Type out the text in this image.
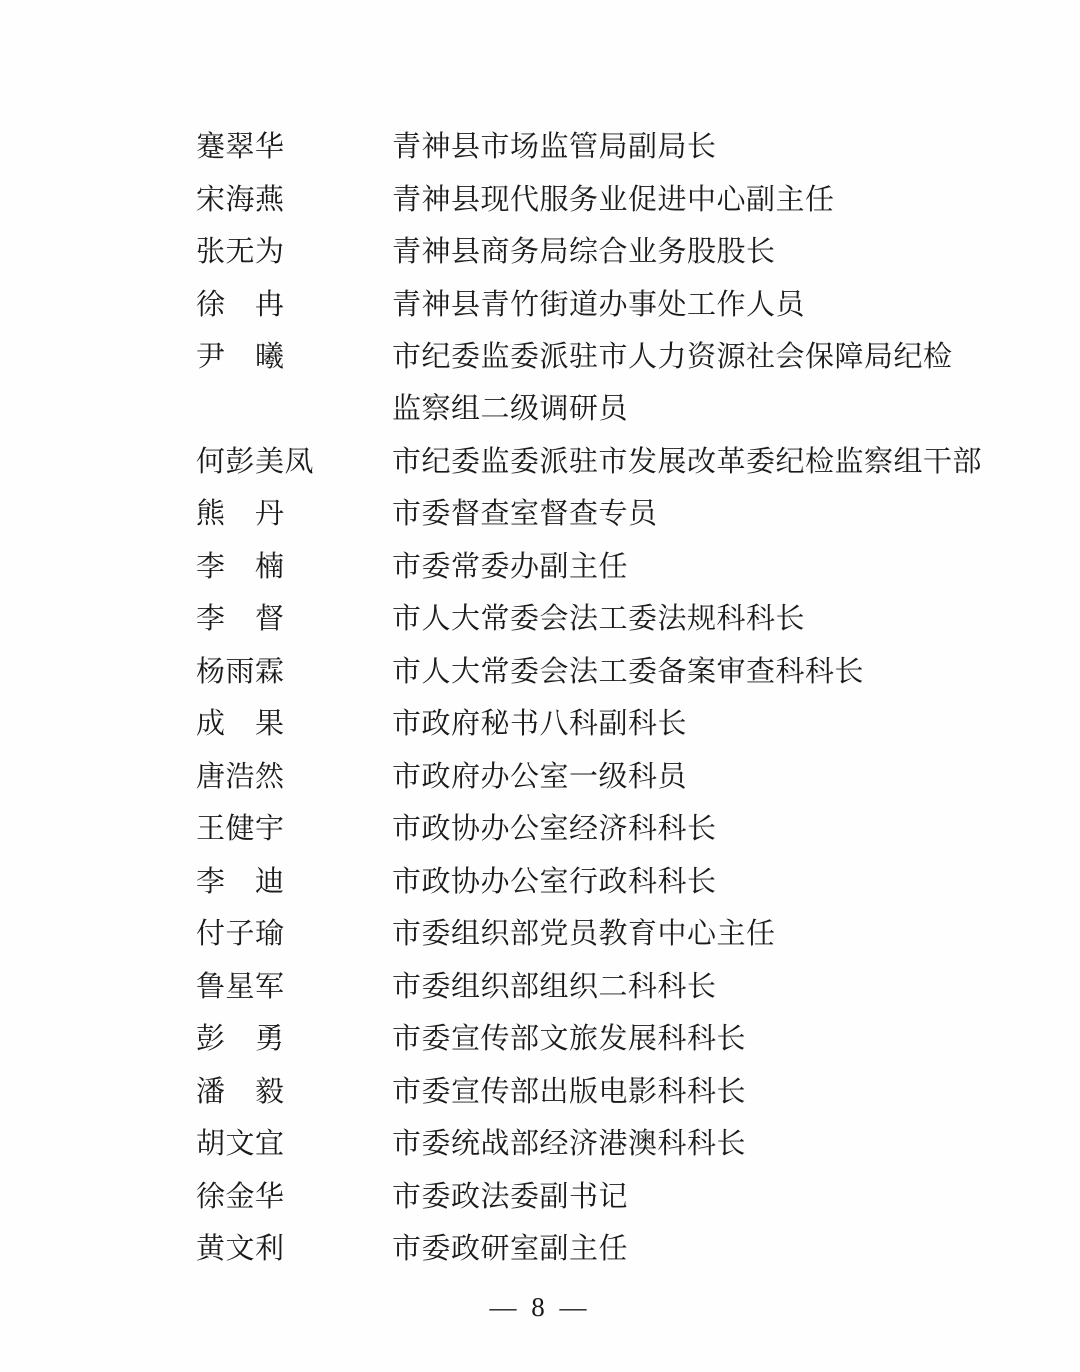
蹇翠华	青神县市场监管局副局长
宋海燕	青神县现代服务业促进中心副主任
张无为	青神县商务局综合业务股股长
徐　冉	青神县青竹街道办事处工作人员
尹　曦	市纪委监委派驻市人力资源社会保障局纪检
监察组二级调研员
何彭美凤	市纪委监委派驻市发展改革委纪检监察组干部
熊　丹	市委督查室督查专员
李　楠	市委常委办副主任
李　督	市人大常委会法工委法规科科长
杨雨霖	市人大常委会法工委备案审查科科长
成　果	市政府秘书八科副科长
唐浩然	市政府办公室一级科员
王健宇	市政协办公室经济科科长
李　迪	市政协办公室行政科科长
付子瑜	市委组织部党员教育中心主任
鲁星军	市委组织部组织二科科长
彭　勇	市委宣传部文旅发展科科长
潘　毅	市委宣传部出版电影科科长
胡文宜	市委统战部经济港澳科科长
徐金华	市委政法委副书记
黄文利	市委政研室副主任
— 8 —
